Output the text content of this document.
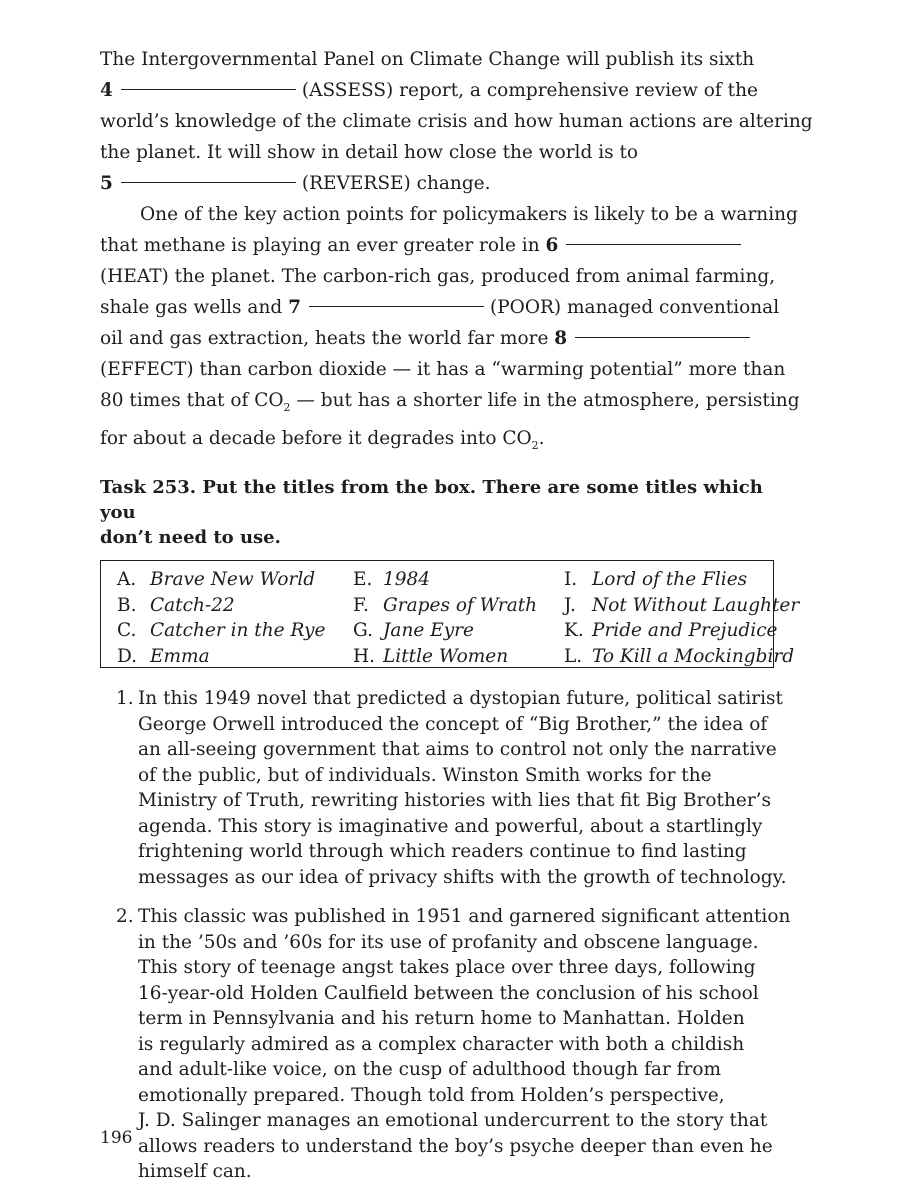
The Intergovernmental Panel on Climate Change will publish its sixth
4	(ASSESS) report, a comprehensive review of the
world’s knowledge of the climate crisis and how human actions are altering
the planet. It will show in detail how close the world is to
5	(REVERSE) change.
One of the key action points for policymakers is likely to be a warning
that methane is playing an ever greater role in 6
(HEAT) the planet. The carbon-rich gas, produced from animal farming,
shale gas wells and 7	(POOR) managed conventional
oil and gas extraction, heats the world far more 8
(EFFECT) than carbon dioxide — it has a “warming potential” more than
80 times that of $CO_2$ — but has a shorter life in the atmosphere, persisting
for about a decade before it degrades into $CO_2$.
Task 253. Put the titles from the box. There are some titles which you
don’t need to use.
A. Brave New World
B. Catch-22
C. Catcher in the Rye
D. Emma
E. 1984
F. Grapes of Wrath
G. Jane Eyre
H. Little Women
I. Lord of the Flies
J. Not Without Laughter
K. Pride and Prejudice
L. To Kill a Mockingbird
1. In this 1949 novel that predicted a dystopian future, political satirist
George Orwell introduced the concept of “Big Brother,” the idea of
an all-seeing government that aims to control not only the narrative
of the public, but of individuals. Winston Smith works for the
Ministry of Truth, rewriting histories with lies that fit Big Brother’s
agenda. This story is imaginative and powerful, about a startlingly
frightening world through which readers continue to find lasting
messages as our idea of privacy shifts with the growth of technology.
2. This classic was published in 1951 and garnered significant attention
in the ’50s and ’60s for its use of profanity and obscene language.
This story of teenage angst takes place over three days, following
16-year-old Holden Caulfield between the conclusion of his school
term in Pennsylvania and his return home to Manhattan. Holden
is regularly admired as a complex character with both a childish
and adult-like voice, on the cusp of adulthood though far from
emotionally prepared. Though told from Holden’s perspective,
J. D. Salinger manages an emotional undercurrent to the story that
allows readers to understand the boy’s psyche deeper than even he
himself can.
196
